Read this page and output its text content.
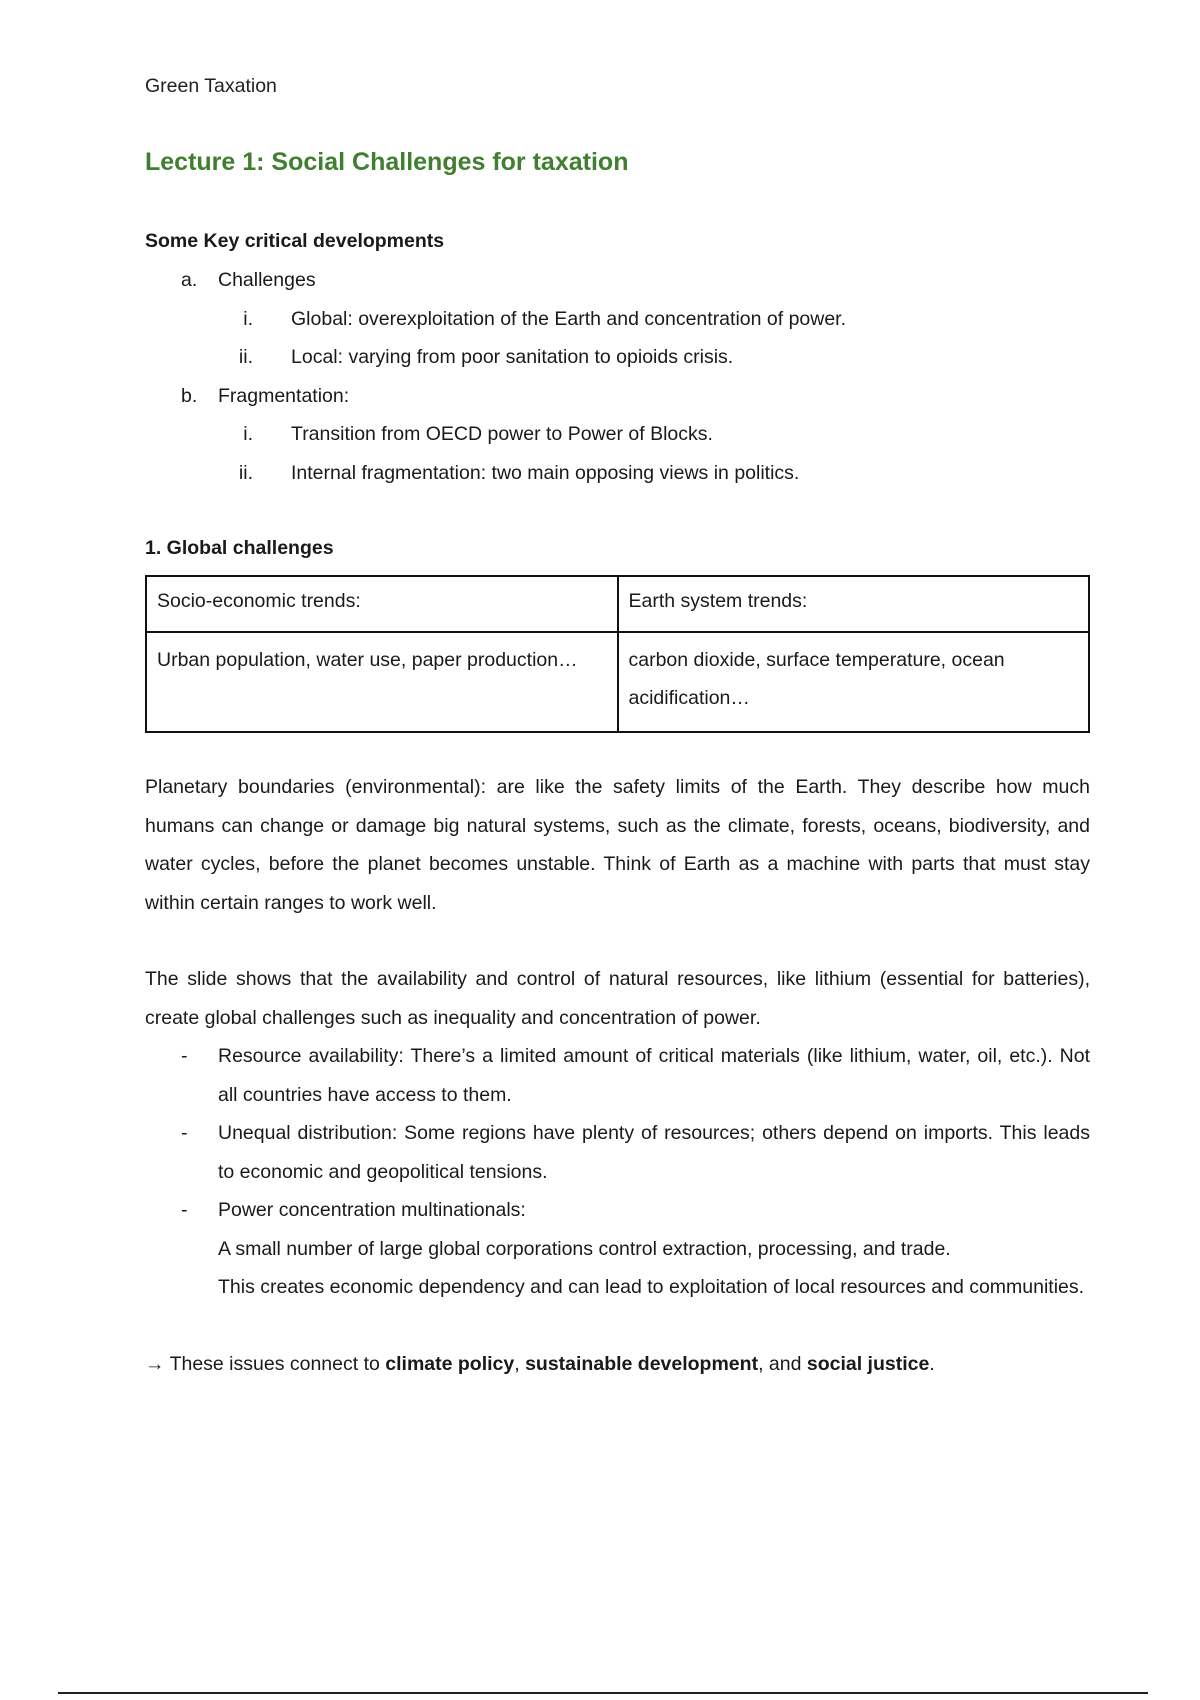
Green Taxation
Lecture 1: Social Challenges for taxation
Some Key critical developments
a. Challenges
i. Global: overexploitation of the Earth and concentration of power.
ii. Local: varying from poor sanitation to opioids crisis.
b. Fragmentation:
i. Transition from OECD power to Power of Blocks.
ii. Internal fragmentation: two main opposing views in politics.
1. Global challenges
Socio-economic trends:	Earth system trends:
Urban population, water use, paper production…	carbon dioxide, surface temperature, ocean acidification…
Planetary boundaries (environmental): are like the safety limits of the Earth. They describe how much humans can change or damage big natural systems, such as the climate, forests, oceans, biodiversity, and water cycles, before the planet becomes unstable. Think of Earth as a machine with parts that must stay within certain ranges to work well.
The slide shows that the availability and control of natural resources, like lithium (essential for batteries), create global challenges such as inequality and concentration of power.
- Resource availability: There’s a limited amount of critical materials (like lithium, water, oil, etc.). Not all countries have access to them.
- Unequal distribution: Some regions have plenty of resources; others depend on imports. This leads to economic and geopolitical tensions.
- Power concentration multinationals:
A small number of large global corporations control extraction, processing, and trade.
This creates economic dependency and can lead to exploitation of local resources and communities.
→ These issues connect to climate policy, sustainable development, and social justice.
